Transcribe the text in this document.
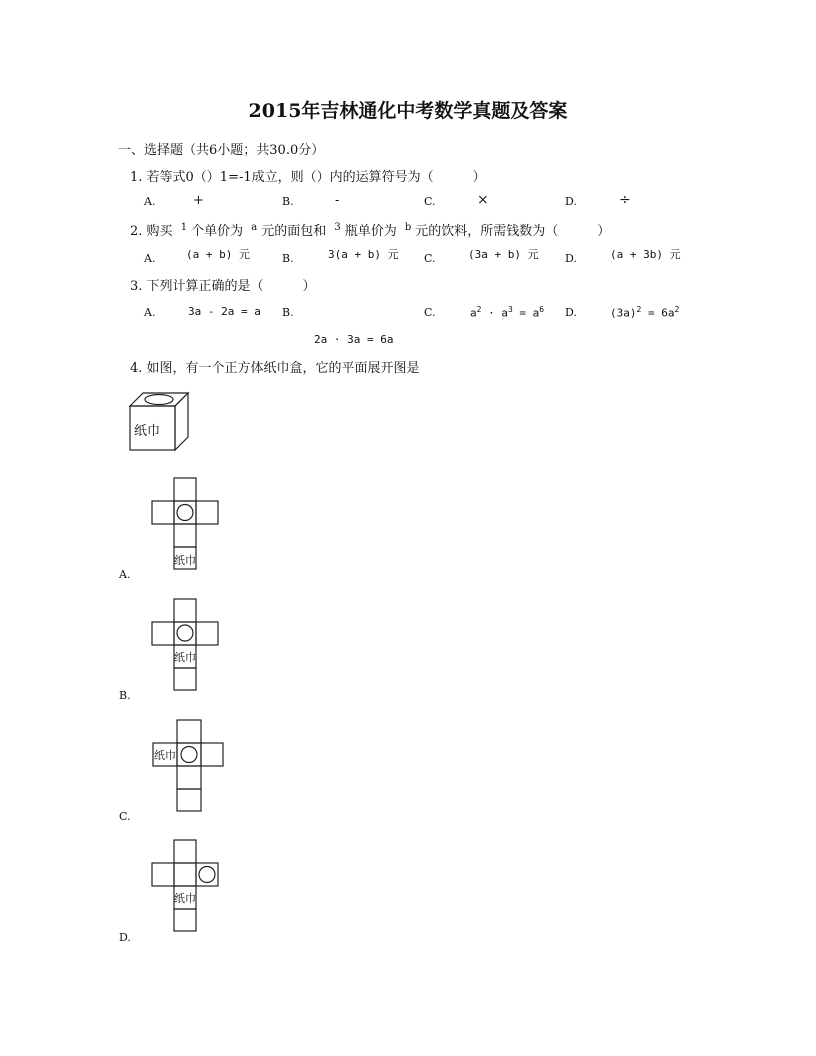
2015年吉林通化中考数学真题及答案
一、选择题（共6小题；共30.0分）
1. 若等式0（）1=-1成立，则（）内的运算符号为（　　　）
A.	+	B.	-	C.	×	D.	÷
2. 购买 $^1$ 个单价为 $^a$ 元的面包和 $^3$ 瓶单价为 $^b$ 元的饮料，所需钱数为（　　　）
A.	(a + b) 元	B.	3(a + b) 元 C.	(3a + b) 元 D.	(a + 3b) 元
3. 下列计算正确的是（　　　）
A.	3a - 2a = a B.
2a · 3a = 6a
C.	$a^2 \cdot a^3 = a^6$ D.	$(3a)^2 = 6a^2$
4. 如图，有一个正方体纸巾盒，它的平面展开图是
纸巾
纸巾
A.
纸巾
B.
纸巾
C.
纸巾
D.
